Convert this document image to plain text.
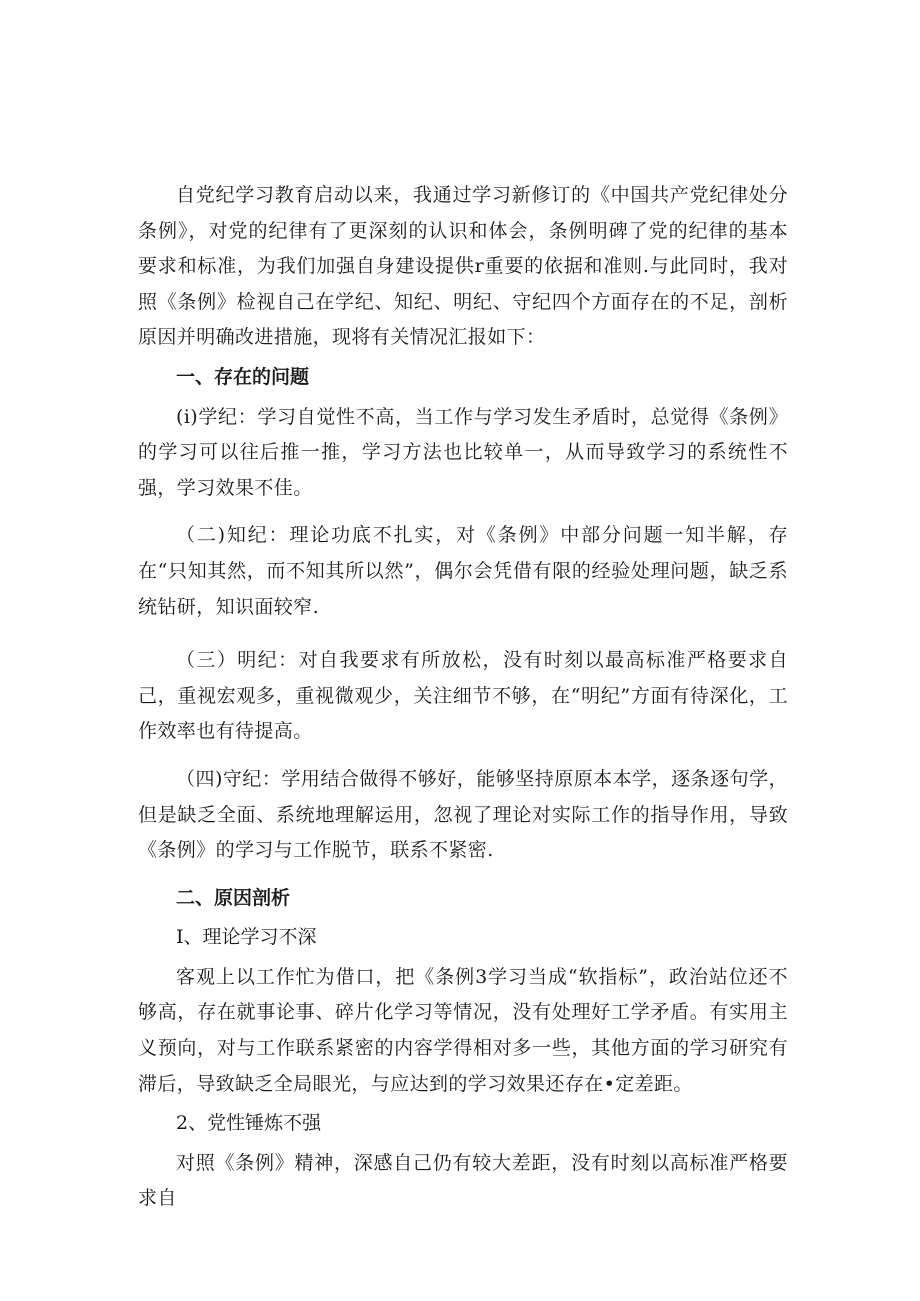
自党纪学习教育启动以来，我通过学习新修订的《中国共产党纪律处分条例》，对党的纪律有了更深刻的认识和体会，条例明碑了党的纪律的基本要求和标准，为我们加强自身建设提供r重要的依据和准则.与此同时，我对照《条例》检视自己在学纪、知纪、明纪、守纪四个方面存在的不足，剖析原因并明确改进措施，现将有关情况汇报如下：

一、存在的问题

(i)学纪：学习自觉性不高，当工作与学习发生矛盾时，总觉得《条例》的学习可以往后推一推，学习方法也比较单一，从而导致学习的系统性不强，学习效果不佳。

（二)知纪：理论功底不扎实，对《条例》中部分问题一知半解，存在“只知其然，而不知其所以然”，偶尔会凭借有限的经验处理问题，缺乏系统钻研，知识面较窄.

（三）明纪：对自我要求有所放松，没有时刻以最高标准严格要求自己，重视宏观多，重视微观少，关注细节不够，在“明纪”方面有待深化，工作效率也有待提高。

（四)守纪：学用结合做得不够好，能够坚持原原本本学，逐条逐句学，但是缺乏全面、系统地理解运用，忽视了理论对实际工作的指导作用，导致《条例》的学习与工作脱节，联系不紧密.

二、原因剖析

I、理论学习不深

客观上以工作忙为借口，把《条例3学习当成“软指标”，政治站位还不够高，存在就事论事、碎片化学习等情况，没有处理好工学矛盾。有实用主义预向，对与工作联系紧密的内容学得相对多一些，其他方面的学习研究有滞后，导致缺乏全局眼光，与应达到的学习效果还存在•定差距。

2、党性锤炼不强

对照《条例》精神，深感自己仍有较大差距，没有时刻以高标准严格要求自
